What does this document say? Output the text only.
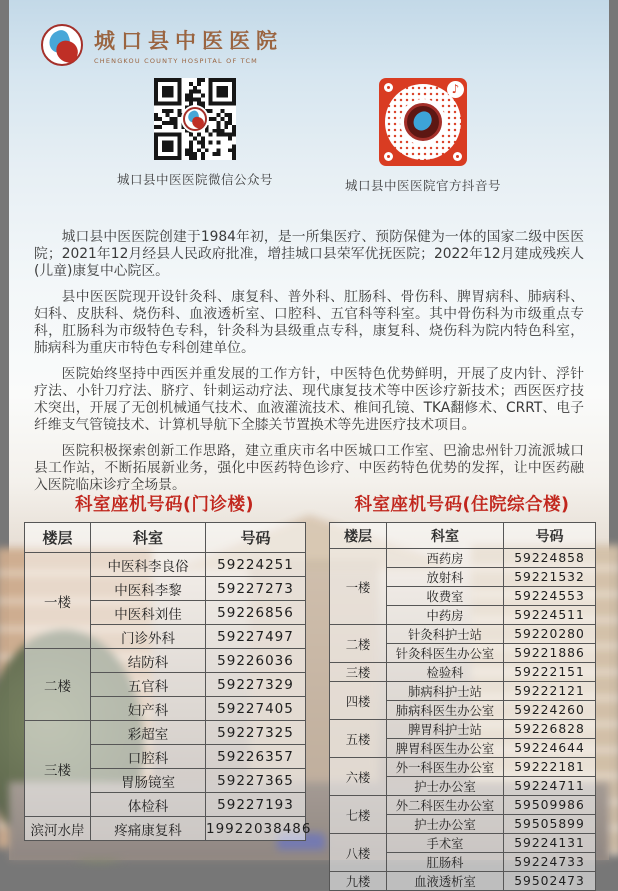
城口县中医医院
CHENGKOU COUNTY HOSPITAL OF TCM
城口县中医医院微信公众号
♪
城口县中医医院官方抖音号

城口县中医医院创建于1984年初，是一所集医疗、预防保健为一体的国家二级中医医院；2021年12月经县人民政府批准，增挂城口县荣军优抚医院；2022年12月建成残疾人(儿童)康复中心院区。

县中医医院现开设针灸科、康复科、普外科、肛肠科、骨伤科、脾胃病科、肺病科、妇科、皮肤科、烧伤科、血液透析室、口腔科、五官科等科室。其中骨伤科为市级重点专科，肛肠科为市级特色专科，针灸科为县级重点专科，康复科、烧伤科为院内特色科室，肺病科为重庆市特色专科创建单位。

医院始终坚持中西医并重发展的工作方针，中医特色优势鲜明，开展了皮内针、浮针疗法、小针刀疗法、脐疗、针刺运动疗法、现代康复技术等中医诊疗新技术；西医医疗技术突出，开展了无创机械通气技术、血液灌流技术、椎间孔镜、TKA翻修术、CRRT、电子纤维支气管镜技术、计算机导航下全膝关节置换术等先进医疗技术项目。

医院积极探索创新工作思路，建立重庆市名中医城口工作室、巴渝忠州针刀流派城口县工作站，不断拓展新业务，强化中医药特色诊疗、中医药特色优势的发挥，让中医药融入医院临床诊疗全场景。

科室座机号码(门诊楼)	科室座机号码(住院综合楼)
楼层	科室	号码
一楼	中医科李良俗	59224251
	中医科李黎	59227273
	中医科刘佳	59226856
	门诊外科	59227497
二楼	结防科	59226036
	五官科	59227329
	妇产科	59227405
三楼	彩超室	59227325
	口腔科	59226357
	胃肠镜室	59227365
	体检科	59227193
滨河水岸	疼痛康复科	19922038486
楼层	科室	号码
一楼	西药房	59224858
	放射科	59221532
	收费室	59224553
	中药房	59224511
二楼	针灸科护士站	59220280
	针灸科医生办公室	59221886
三楼	检验科	59222151
四楼	肺病科护士站	59222121
	肺病科医生办公室	59224260
五楼	脾胃科护士站	59226828
	脾胃科医生办公室	59224644
六楼	外一科医生办公室	59222181
	护士办公室	59224711
七楼	外二科医生办公室	59509986
	护士办公室	59505899
八楼	手术室	59224131
	肛肠科	59224733
九楼	血液透析室	59502473
